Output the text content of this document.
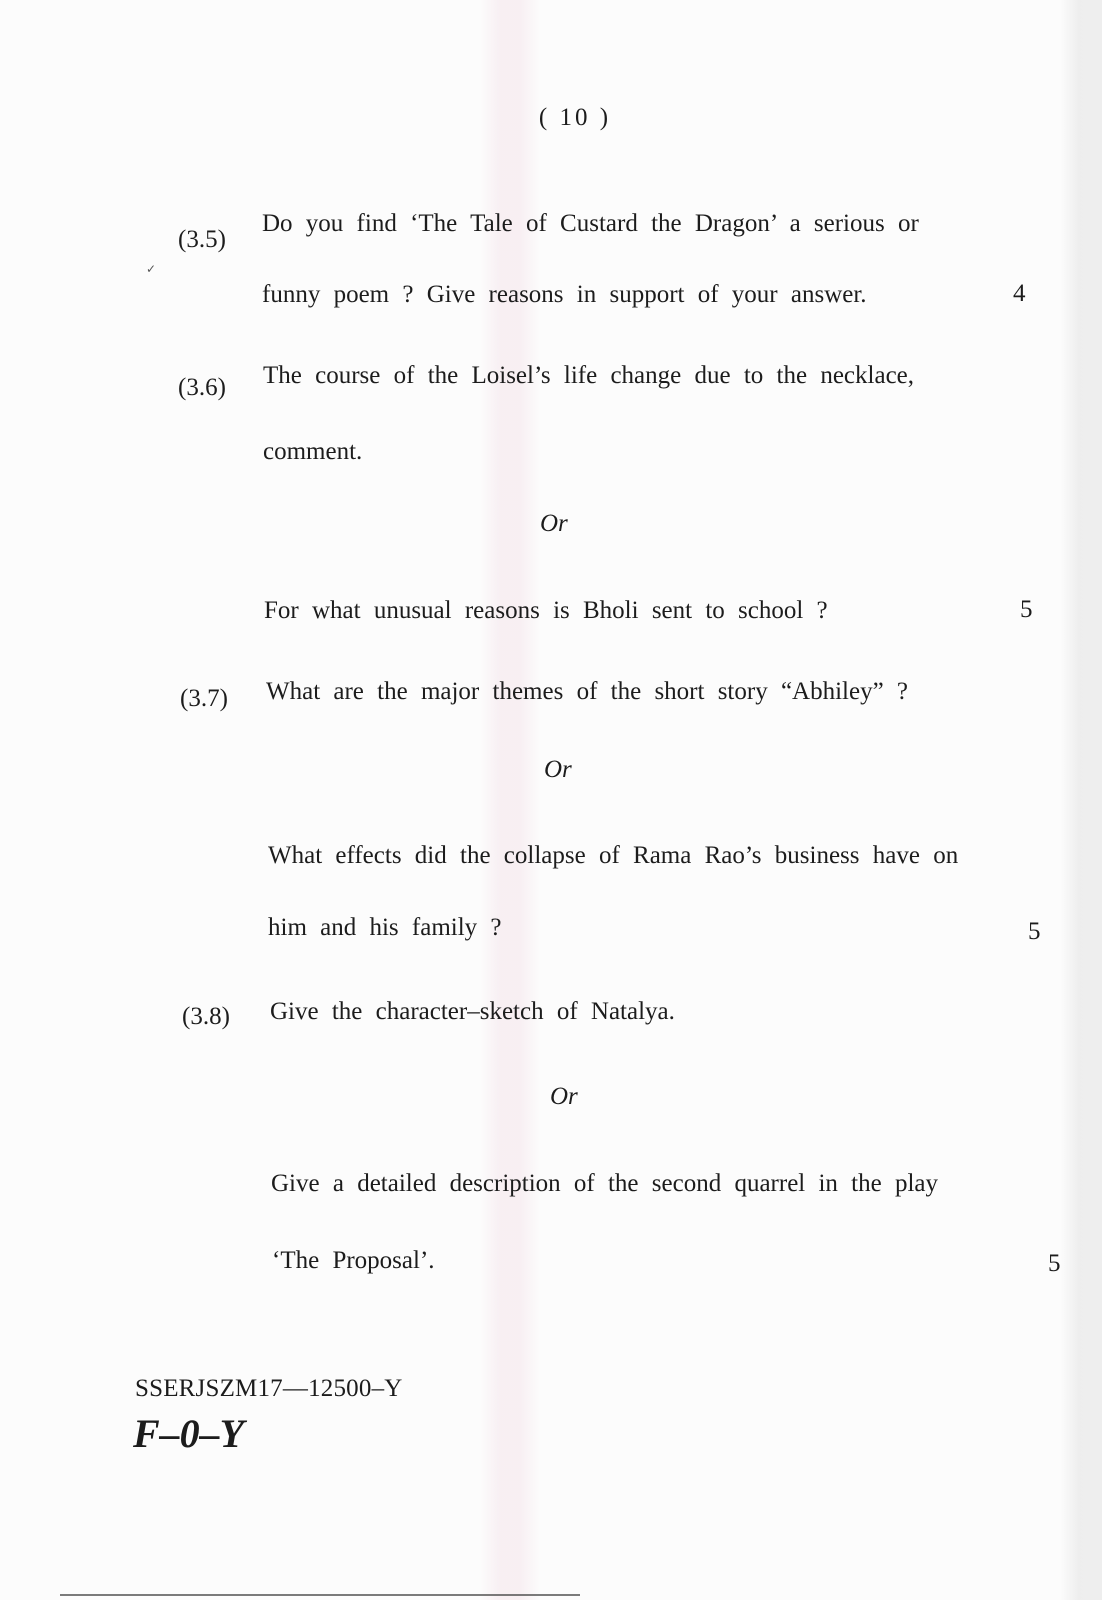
( 10 )
✓
(3.5)
Do you find ‘The Tale of Custard the Dragon’ a serious or
funny poem ? Give reasons in support of your answer.	4
(3.6) The course of the Loisel’s life change due to the necklace,
comment.
Or
For what unusual reasons is Bholi sent to school ?	5
(3.7) What are the major themes of the short story “Abhiley” ?
Or
What effects did the collapse of Rama Rao’s business have on
him and his family ?	5
(3.8) Give the character–sketch of Natalya.
Or
Give a detailed description of the second quarrel in the play
‘The Proposal’.	5
SSERJSZM17—12500–Y
F–0–Y
